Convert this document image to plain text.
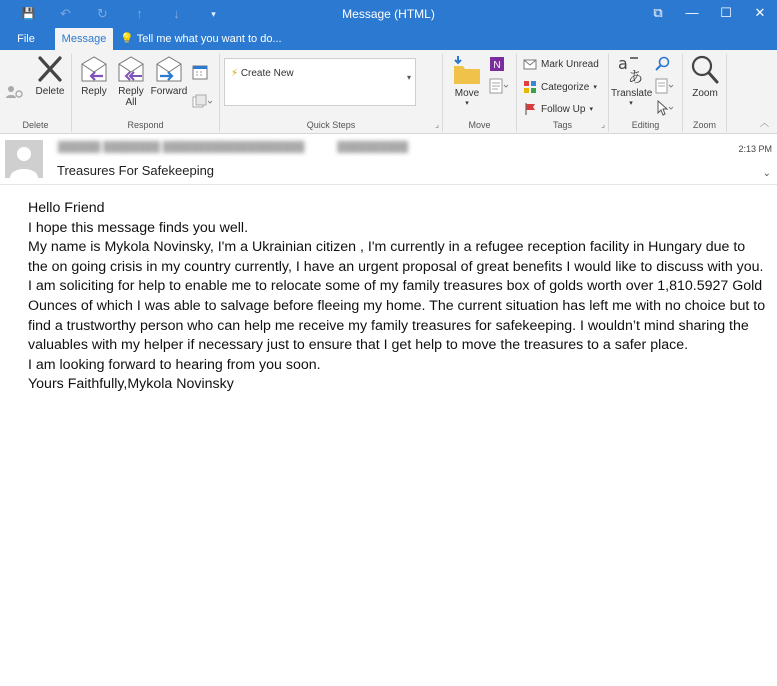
💾	↶	↻	↑	↓	▾	Message (HTML)	⧉	—	☐	✕
File	Message	💡 Tell me what you want to do...
Delete
Delete
Reply	Reply
All
Forward
Respond
⚡ Create New	▾
Quick Steps	⌟
Move
▾
N
Move
Mark Unread
Categorize ▾
Follow Up ▾
Tags	⌟
a
あ
Translate
▾
Editing
Zoom
Zoom	︿
██████ ████████ ████████████████████	██████████
Treasures For Safekeeping
2:13 PM
⌄

Hello Friend

I hope this message finds you well.

My name is Mykola Novinsky, I'm a Ukrainian citizen , I'm currently in a refugee reception facility in Hungary due to the on going crisis in my country currently, I have an urgent proposal of great benefits I would like to discuss with you.

I am soliciting for help to enable me to relocate some of my family treasures box of golds worth over 1,810.5927 Gold Ounces of which I was able to salvage before fleeing my home. The current situation has left me with no choice but to find a trustworthy person who can help me receive my family treasures for safekeeping. I wouldn’t mind sharing the valuables with my helper if necessary just to ensure that I get help to move the treasures to a safer place.

I am looking forward to hearing from you soon.

Yours Faithfully,Mykola Novinsky
